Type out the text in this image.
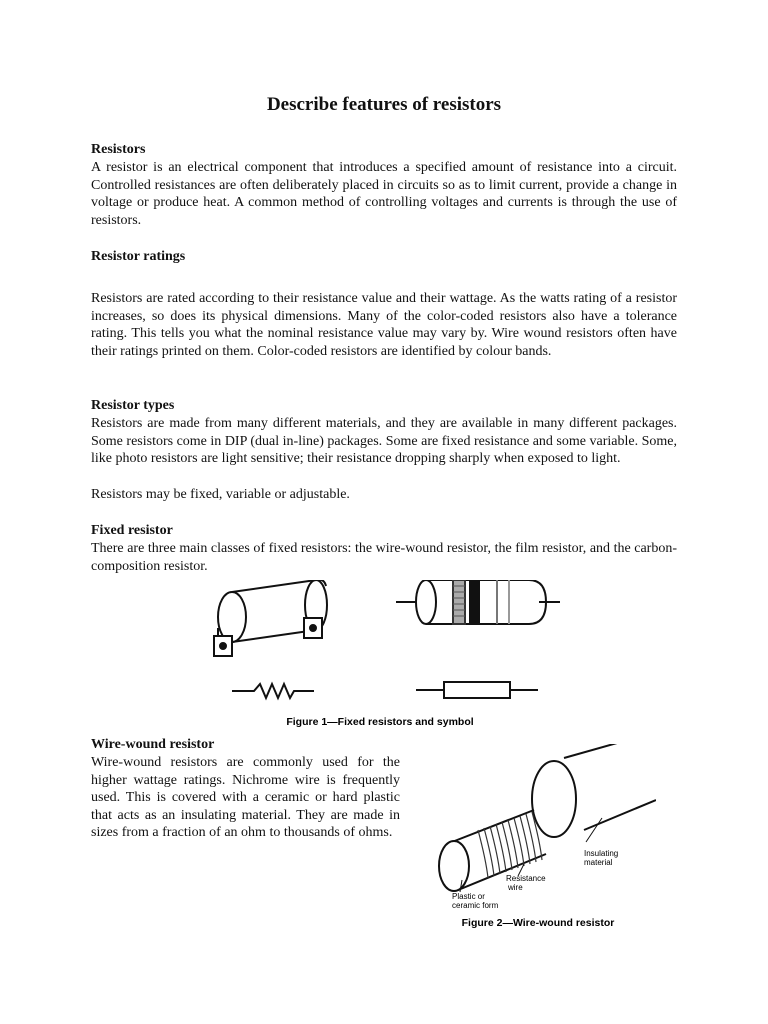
Describe features of resistors
Resistors

A resistor is an electrical component that introduces a specified amount of resistance into a circuit. Controlled resistances are often deliberately placed in circuits so as to limit current, provide a change in voltage or produce heat. A common method of controlling voltages and currents is through the use of resistors.

Resistor ratings

Resistors are rated according to their resistance value and their wattage. As the watts rating of a resistor increases, so does its physical dimensions. Many of the color-coded resistors also have a tolerance rating. This tells you what the nominal resistance value may vary by. Wire wound resistors often have their ratings printed on them. Color-coded resistors are identified by colour bands.

Resistor types

Resistors are made from many different materials, and they are available in many different packages. Some resistors come in DIP (dual in-line) packages. Some are fixed resistance and some variable. Some, like photo resistors are light sensitive; their resistance dropping sharply when exposed to light.

Resistors may be fixed, variable or adjustable.

Fixed resistor

There are three main classes of fixed resistors: the wire-wound resistor, the film resistor, and the carbon-composition resistor.

Figure 1—Fixed resistors and symbol
Wire-wound resistor

Wire-wound resistors are commonly used for the higher wattage ratings. Nichrome wire is frequently used. This is covered with a ceramic or hard plastic that acts as an insulating material. They are made in sizes from a fraction of an ohm to thousands of ohms.

Insulating material
Resistance wire
Plastic or ceramic form
Figure 2—Wire-wound resistor
